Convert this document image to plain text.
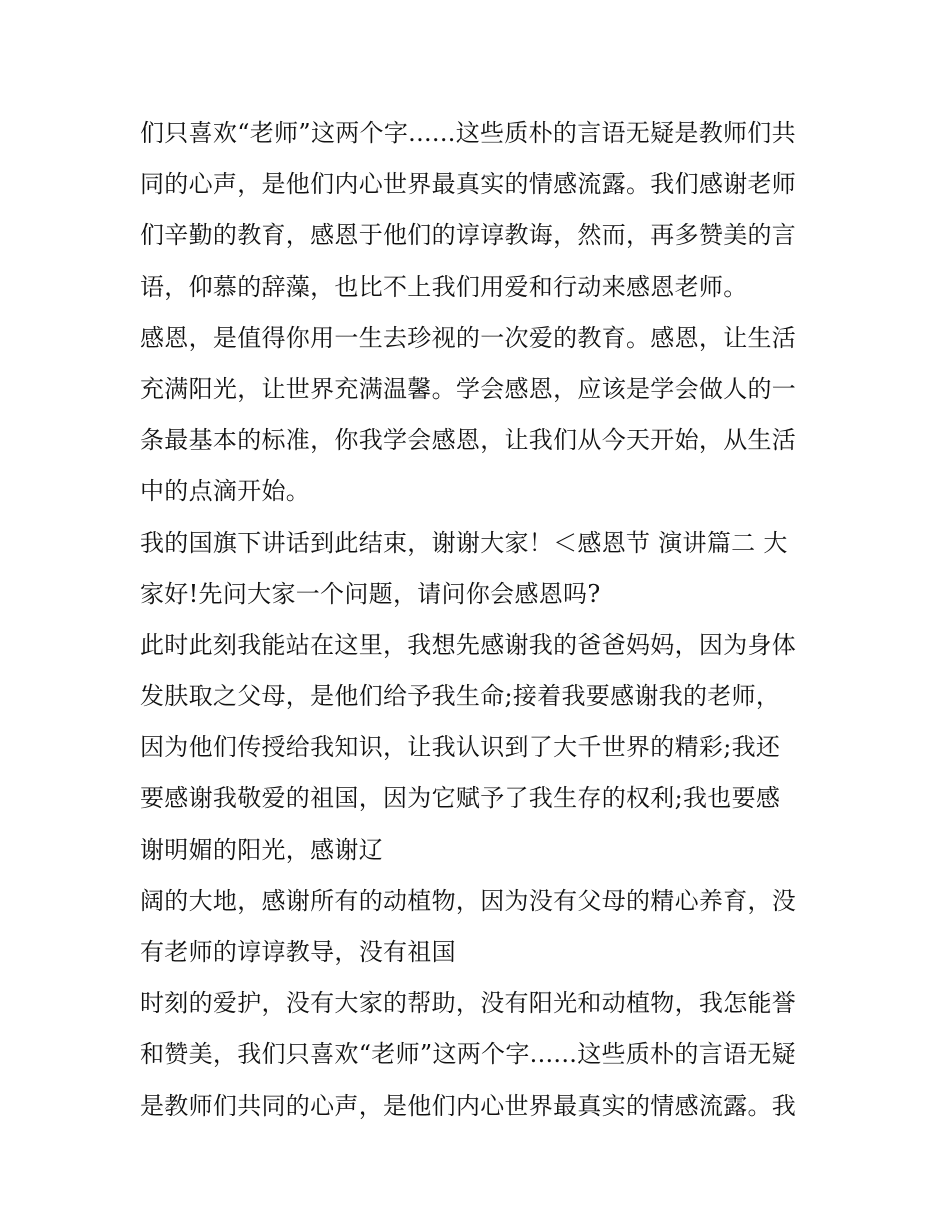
们只喜欢“老师”这两个字......这些质朴的言语无疑是教师们共
同的心声，是他们内心世界最真实的情感流露。我们感谢老师
们辛勤的教育，感恩于他们的谆谆教诲，然而，再多赞美的言
语，仰慕的辞藻，也比不上我们用爱和行动来感恩老师。
感恩，是值得你用一生去珍视的一次爱的教育。感恩，让生活
充满阳光，让世界充满温馨。学会感恩，应该是学会做人的一
条最基本的标准，你我学会感恩，让我们从今天开始，从生活
中的点滴开始。
我的国旗下讲话到此结束，谢谢大家！＜感恩节 演讲篇二 大
家好!先问大家一个问题，请问你会感恩吗?
此时此刻我能站在这里，我想先感谢我的爸爸妈妈，因为身体
发肤取之父母，是他们给予我生命;接着我要感谢我的老师，
因为他们传授给我知识，让我认识到了大千世界的精彩;我还
要感谢我敬爱的祖国，因为它赋予了我生存的权利;我也要感
谢明媚的阳光，感谢辽
阔的大地，感谢所有的动植物，因为没有父母的精心养育，没
有老师的谆谆教导，没有祖国
时刻的爱护，没有大家的帮助，没有阳光和动植物，我怎能誉
和赞美，我们只喜欢“老师”这两个字......这些质朴的言语无疑
是教师们共同的心声，是他们内心世界最真实的情感流露。我
